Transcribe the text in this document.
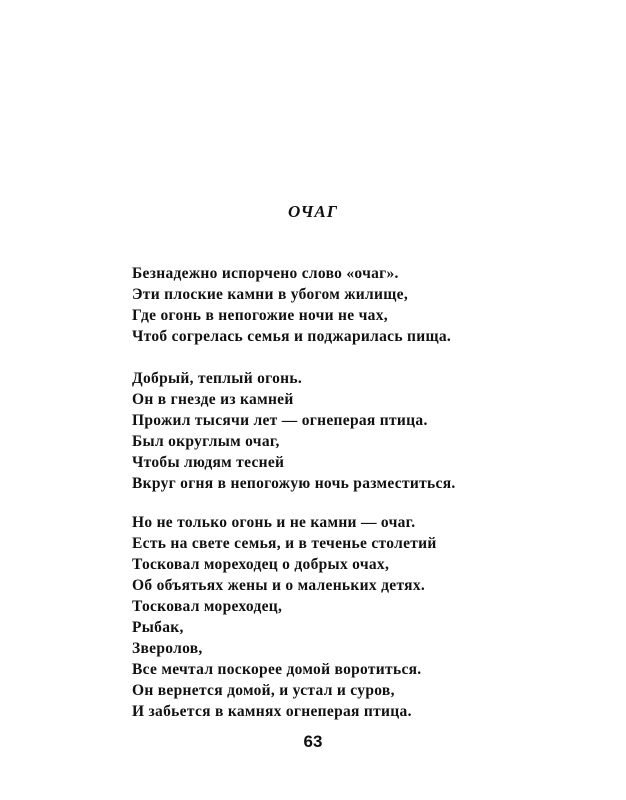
ОЧАГ
Безнадежно испорчено слово «очаг».
Эти плоские камни в убогом жилище,
Где огонь в непогожие ночи не чах,
Чтоб согрелась семья и поджарилась пища.
Добрый, теплый огонь.
Он в гнезде из камней
Прожил тысячи лет — огнеперая птица.
Был округлым очаг,
Чтобы людям тесней
Вкруг огня в непогожую ночь разместиться.
Но не только огонь и не камни — очаг.
Есть на свете семья, и в теченье столетий
Тосковал мореходец о добрых очах,
Об объятьях жены и о маленьких детях.
Тосковал мореходец,
Рыбак,
Зверолов,
Все мечтал поскорее домой воротиться.
Он вернется домой, и устал и суров,
И забьется в камнях огнеперая птица.
63
